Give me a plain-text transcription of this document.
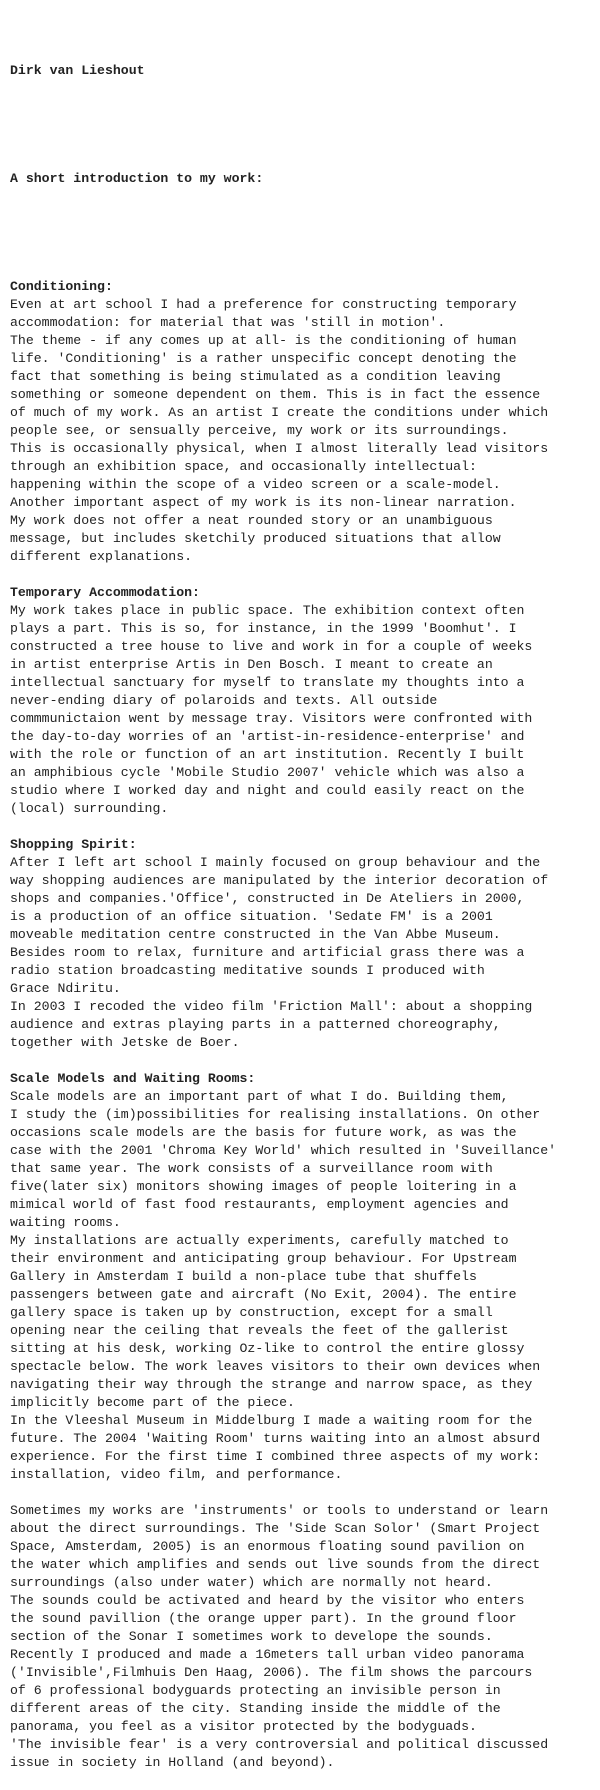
Dirk van Lieshout

A short introduction to my work:

Conditioning:
Even at art school I had a preference for constructing temporary
accommodation: for material that was 'still in motion'.
The theme - if any comes up at all- is the conditioning of human
life. 'Conditioning' is a rather unspecific concept denoting the
fact that something is being stimulated as a condition leaving
something or someone dependent on them. This is in fact the essence
of much of my work. As an artist I create the conditions under which
people see, or sensually perceive, my work or its surroundings.
This is occasionally physical, when I almost literally lead visitors
through an exhibition space, and occasionally intellectual:
happening within the scope of a video screen or a scale-model.
Another important aspect of my work is its non-linear narration.
My work does not offer a neat rounded story or an unambiguous
message, but includes sketchily produced situations that allow
different explanations.
Temporary Accommodation:
My work takes place in public space. The exhibition context often
plays a part. This is so, for instance, in the 1999 'Boomhut'. I
constructed a tree house to live and work in for a couple of weeks
in artist enterprise Artis in Den Bosch. I meant to create an
intellectual sanctuary for myself to translate my thoughts into a
never-ending diary of polaroids and texts. All outside
commmunictaion went by message tray. Visitors were confronted with
the day-to-day worries of an 'artist-in-residence-enterprise' and
with the role or function of an art institution. Recently I built
an amphibious cycle 'Mobile Studio 2007' vehicle which was also a
studio where I worked day and night and could easily react on the
(local) surrounding.
Shopping Spirit:
After I left art school I mainly focused on group behaviour and the
way shopping audiences are manipulated by the interior decoration of
shops and companies.'Office', constructed in De Ateliers in 2000,
is a production of an office situation. 'Sedate FM' is a 2001
moveable meditation centre constructed in the Van Abbe Museum.
Besides room to relax, furniture and artificial grass there was a
radio station broadcasting meditative sounds I produced with
Grace Ndiritu.
In 2003 I recoded the video film 'Friction Mall': about a shopping
audience and extras playing parts in a patterned choreography,
together with Jetske de Boer.
Scale Models and Waiting Rooms:
Scale models are an important part of what I do. Building them,
I study the (im)possibilities for realising installations. On other
occasions scale models are the basis for future work, as was the
case with the 2001 'Chroma Key World' which resulted in 'Suveillance'
that same year. The work consists of a surveillance room with
five(later six) monitors showing images of people loitering in a
mimical world of fast food restaurants, employment agencies and
waiting rooms.
My installations are actually experiments, carefully matched to
their environment and anticipating group behaviour. For Upstream
Gallery in Amsterdam I build a non-place tube that shuffels
passengers between gate and aircraft (No Exit, 2004). The entire
gallery space is taken up by construction, except for a small
opening near the ceiling that reveals the feet of the gallerist
sitting at his desk, working Oz-like to control the entire glossy
spectacle below. The work leaves visitors to their own devices when
navigating their way through the strange and narrow space, as they
implicitly become part of the piece.
In the Vleeshal Museum in Middelburg I made a waiting room for the
future. The 2004 'Waiting Room' turns waiting into an almost absurd
experience. For the first time I combined three aspects of my work:
installation, video film, and performance.
Sometimes my works are 'instruments' or tools to understand or learn
about the direct surroundings. The 'Side Scan Solor' (Smart Project
Space, Amsterdam, 2005) is an enormous floating sound pavilion on
the water which amplifies and sends out live sounds from the direct
surroundings (also under water) which are normally not heard.
The sounds could be activated and heard by the visitor who enters
the sound pavillion (the orange upper part). In the ground floor
section of the Sonar I sometimes work to develope the sounds.
Recently I produced and made a 16meters tall urban video panorama
('Invisible',Filmhuis Den Haag, 2006). The film shows the parcours
of 6 professional bodyguards protecting an invisible person in
different areas of the city. Standing inside the middle of the
panorama, you feel as a visitor protected by the bodyguads.
'The invisible fear' is a very controversial and political discussed
issue in society in Holland (and beyond).
